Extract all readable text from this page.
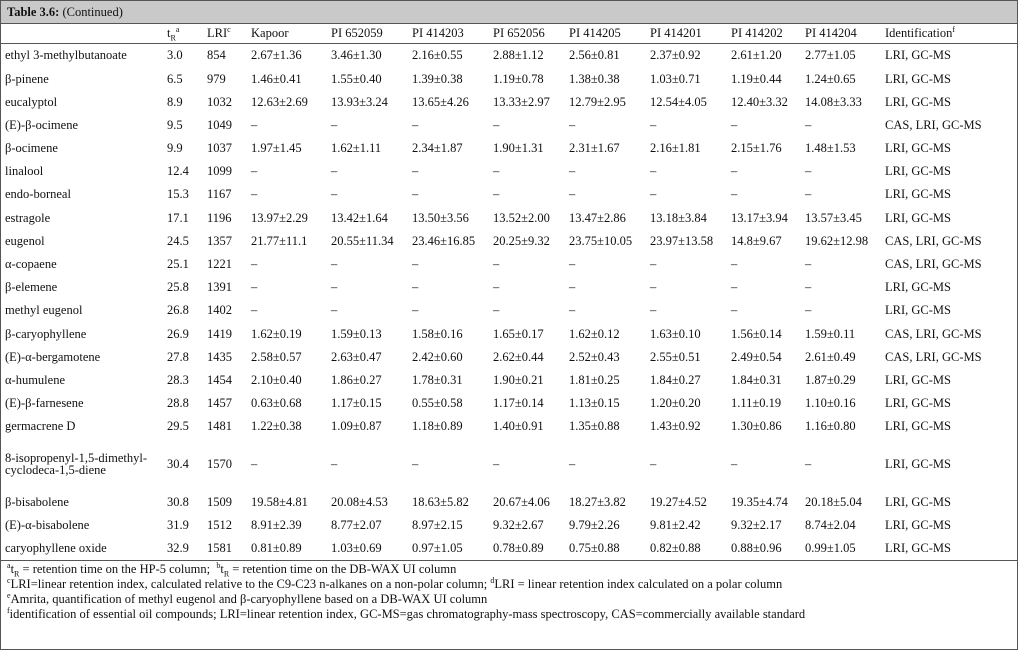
Table 3.6: (Continued)
	$t_R^a$	LRI$^c$	Kapoor	PI 652059	PI 414203	PI 652056	PI 414205	PI 414201	PI 414202	PI 414204	Identification$^f$
ethyl 3-methylbutanoate	3.0	854	2.67±1.36	3.46±1.30	2.16±0.55	2.88±1.12	2.56±0.81	2.37±0.92	2.61±1.20	2.77±1.05	LRI, GC-MS
β-pinene	6.5	979	1.46±0.41	1.55±0.40	1.39±0.38	1.19±0.78	1.38±0.38	1.03±0.71	1.19±0.44	1.24±0.65	LRI, GC-MS
eucalyptol	8.9	1032	12.63±2.69	13.93±3.24	13.65±4.26	13.33±2.97	12.79±2.95	12.54±4.05	12.40±3.32	14.08±3.33	LRI, GC-MS
(E)-β-ocimene	9.5	1049	–	–	–	–	–	–	–	–	CAS, LRI, GC-MS
β-ocimene	9.9	1037	1.97±1.45	1.62±1.11	2.34±1.87	1.90±1.31	2.31±1.67	2.16±1.81	2.15±1.76	1.48±1.53	LRI, GC-MS
linalool	12.4	1099	–	–	–	–	–	–	–	–	LRI, GC-MS
endo-borneal	15.3	1167	–	–	–	–	–	–	–	–	LRI, GC-MS
estragole	17.1	1196	13.97±2.29	13.42±1.64	13.50±3.56	13.52±2.00	13.47±2.86	13.18±3.84	13.17±3.94	13.57±3.45	LRI, GC-MS
eugenol	24.5	1357	21.77±11.1	20.55±11.34	23.46±16.85	20.25±9.32	23.75±10.05	23.97±13.58	14.8±9.67	19.62±12.98	CAS, LRI, GC-MS
α-copaene	25.1	1221	–	–	–	–	–	–	–	–	CAS, LRI, GC-MS
β-elemene	25.8	1391	–	–	–	–	–	–	–	–	LRI, GC-MS
methyl eugenol	26.8	1402	–	–	–	–	–	–	–	–	LRI, GC-MS
β-caryophyllene	26.9	1419	1.62±0.19	1.59±0.13	1.58±0.16	1.65±0.17	1.62±0.12	1.63±0.10	1.56±0.14	1.59±0.11	CAS, LRI, GC-MS
(E)-α-bergamotene	27.8	1435	2.58±0.57	2.63±0.47	2.42±0.60	2.62±0.44	2.52±0.43	2.55±0.51	2.49±0.54	2.61±0.49	CAS, LRI, GC-MS
α-humulene	28.3	1454	2.10±0.40	1.86±0.27	1.78±0.31	1.90±0.21	1.81±0.25	1.84±0.27	1.84±0.31	1.87±0.29	LRI, GC-MS
(E)-β-farnesene	28.8	1457	0.63±0.68	1.17±0.15	0.55±0.58	1.17±0.14	1.13±0.15	1.20±0.20	1.11±0.19	1.10±0.16	LRI, GC-MS
germacrene D	29.5	1481	1.22±0.38	1.09±0.87	1.18±0.89	1.40±0.91	1.35±0.88	1.43±0.92	1.30±0.86	1.16±0.80	LRI, GC-MS
8-isopropenyl-1,5-dimethyl-cyclodeca-1,5-diene	30.4	1570	–	–	–	–	–	–	–	–	LRI, GC-MS
β-bisabolene	30.8	1509	19.58±4.81	20.08±4.53	18.63±5.82	20.67±4.06	18.27±3.82	19.27±4.52	19.35±4.74	20.18±5.04	LRI, GC-MS
(E)-α-bisabolene	31.9	1512	8.91±2.39	8.77±2.07	8.97±2.15	9.32±2.67	9.79±2.26	9.81±2.42	9.32±2.17	8.74±2.04	LRI, GC-MS
caryophyllene oxide	32.9	1581	0.81±0.89	1.03±0.69	0.97±1.05	0.78±0.89	0.75±0.88	0.82±0.88	0.88±0.96	0.99±1.05	LRI, GC-MS
$^at_R$ = retention time on the HP-5 column; $^bt_R$ = retention time on the DB-WAX UI column
$^c$LRI=linear retention index, calculated relative to the C9-C23 n-alkanes on a non-polar column; $^d$LRI = linear retention index calculated on a polar column
$^e$Amrita, quantification of methyl eugenol and β-caryophyllene based on a DB-WAX UI column
$^f$identification of essential oil compounds; LRI=linear retention index, GC-MS=gas chromatography-mass spectroscopy, CAS=commercially available standard
